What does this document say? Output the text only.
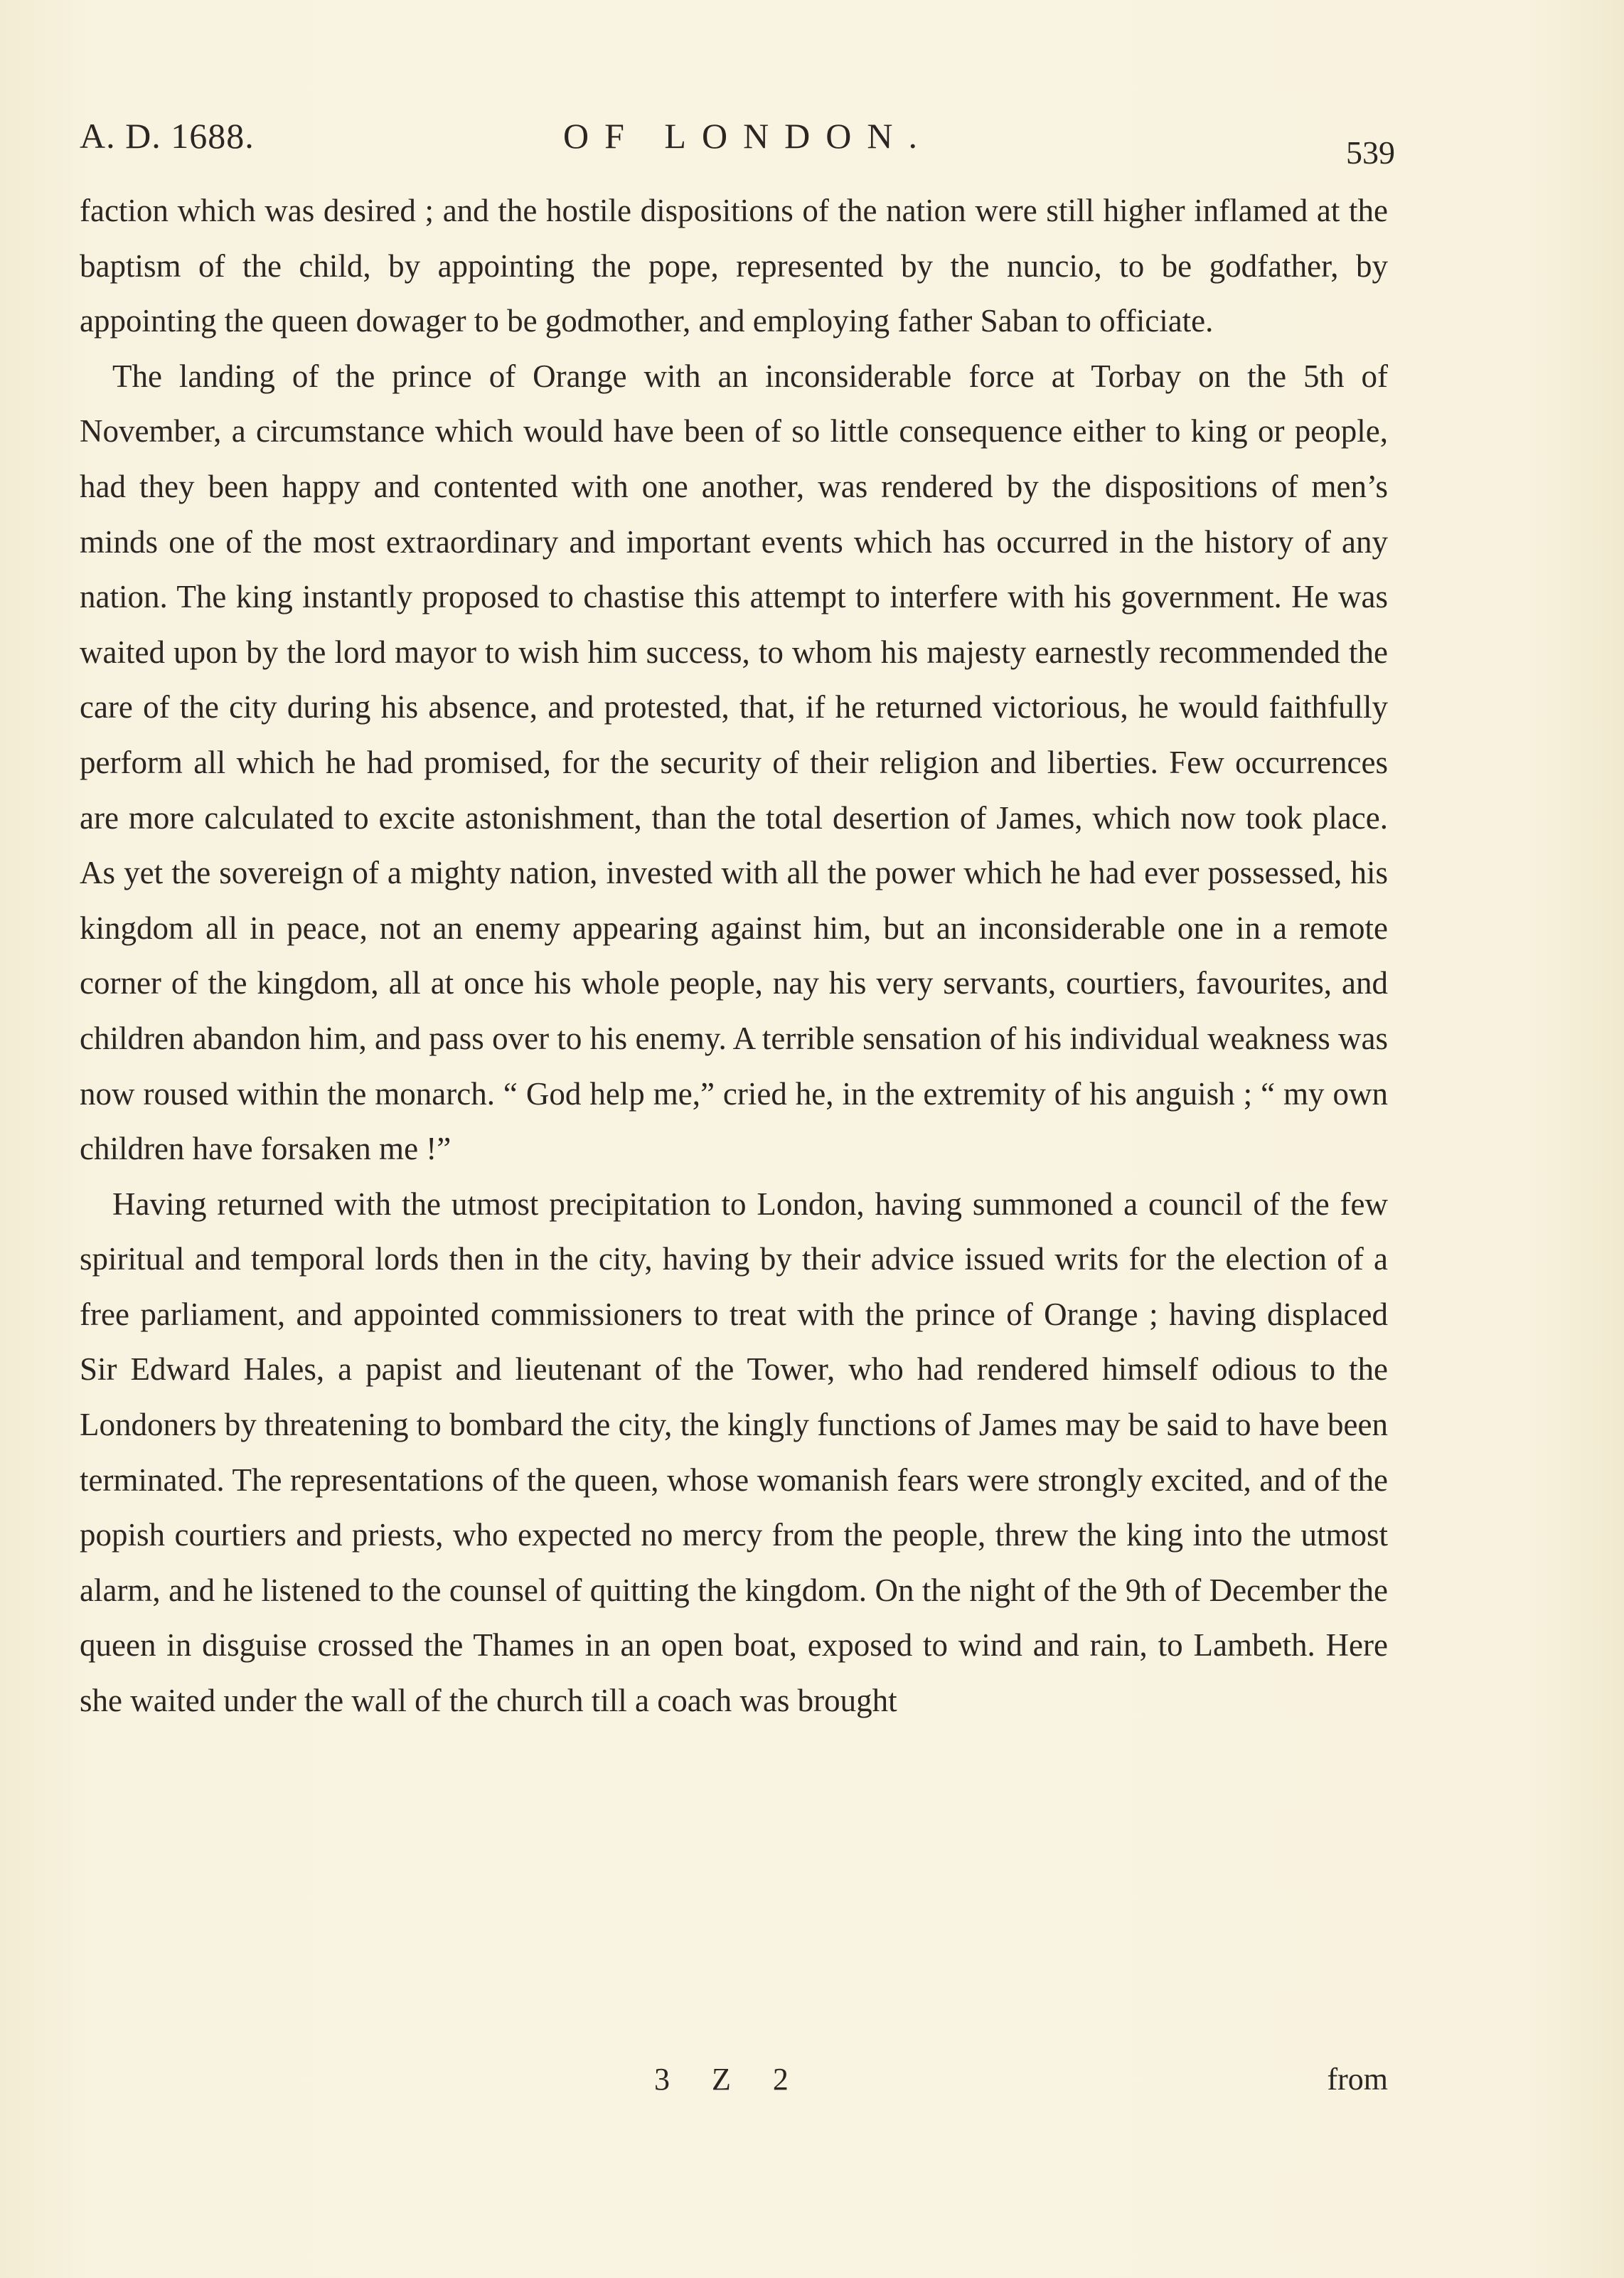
A. D. 1688.	OF LONDON.	539

faction which was desired ; and the hostile dispositions of the nation were still higher inflamed at the baptism of the child, by appointing the pope, represented by the nuncio, to be godfather, by appointing the queen dowager to be godmother, and employing father Saban to officiate.

The landing of the prince of Orange with an inconsiderable force at Torbay on the 5th of November, a circumstance which would have been of so little consequence either to king or people, had they been happy and contented with one another, was rendered by the dispositions of men’s minds one of the most extraordinary and important events which has occurred in the history of any nation. The king instantly proposed to chastise this attempt to interfere with his government. He was waited upon by the lord mayor to wish him success, to whom his majesty earnestly recommended the care of the city during his absence, and protested, that, if he returned victorious, he would faithfully perform all which he had promised, for the security of their religion and liberties. Few occurrences are more calculated to excite astonishment, than the total desertion of James, which now took place. As yet the sovereign of a mighty nation, invested with all the power which he had ever possessed, his kingdom all in peace, not an enemy appearing against him, but an inconsiderable one in a remote corner of the kingdom, all at once his whole people, nay his very servants, courtiers, favourites, and children abandon him, and pass over to his enemy. A terrible sensation of his individual weakness was now roused within the monarch. “ God help me,” cried he, in the extremity of his anguish ; “ my own children have forsaken me !”

Having returned with the utmost precipitation to London, having summoned a council of the few spiritual and temporal lords then in the city, having by their advice issued writs for the election of a free parliament, and appointed commissioners to treat with the prince of Orange ; having displaced Sir Edward Hales, a papist and lieutenant of the Tower, who had rendered himself odious to the Londoners by threatening to bombard the city, the kingly functions of James may be said to have been terminated. The representations of the queen, whose womanish fears were strongly excited, and of the popish courtiers and priests, who expected no mercy from the people, threw the king into the utmost alarm, and he listened to the counsel of quitting the kingdom. On the night of the 9th of December the queen in disguise crossed the Thames in an open boat, exposed to wind and rain, to Lambeth. Here she waited under the wall of the church till a coach was brought

3 Z 2	from
